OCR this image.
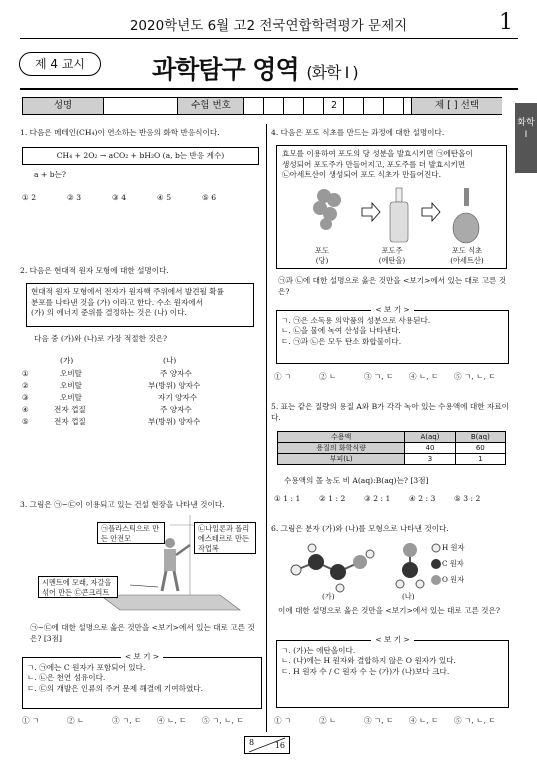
2020학년도 6월 고2 전국연합학력평가 문제지	1
제 4 교시	과학탐구 영역 (화학 I )
화학 I
성명	수험 번호	2	제 [ ] 선택
1. 다음은 메테인(CH₄)이 연소하는 반응의 화학 반응식이다.
CH₄ + 2O₂ → aCO₂ + bH₂O (a, b는 반응 계수)
a + b는?
① 2	② 3	③ 4	④ 5	⑤ 6
2. 다음은 현대적 원자 모형에 대한 설명이다.
현대적 원자 모형에서 전자가 원자핵 주위에서 발견될 확률
분포를 나타낸 것을 (가) 이라고 한다. 수소 원자에서
(가) 의 에너지 준위를 결정하는 것은 (나) 이다.
다음 중 (가)와 (나)로 가장 적절한 것은?
(가)	(나)
①	오비탈	주 양자수
②	오비탈	부(방위) 양자수
③	오비탈	자기 양자수
④	전자 껍질	주 양자수
⑤	전자 껍질	부(방위) 양자수
3. 그림은 ㉠~㉢이 이용되고 있는 건설 현장을 나타낸 것이다.
㉠플라스틱으로 만든 안전모
㉡나일론과 폴리에스테르로 만든 작업복
시멘트에 모래, 자갈을 섞어 만든 ㉢콘크리트
㉠~㉢에 대한 설명으로 옳은 것만을 <보기>에서 있는 대로 고른 것은? [3점]
< 보 기 >
ㄱ. ㉠에는 C 원자가 포함되어 있다.
ㄴ. ㉡은 천연 섬유이다.
ㄷ. ㉢의 개발은 인류의 주거 문제 해결에 기여하였다.
① ㄱ	② ㄴ	③ ㄱ, ㄷ ④ ㄴ, ㄷ ⑤ ㄱ, ㄴ, ㄷ
4. 다음은 포도 식초를 만드는 과정에 대한 설명이다.
효모를 이용하여 포도의 당 성분을 발효시키면 ㉠에탄올이
생성되어 포도주가 만들어지고, 포도주를 더 발효시키면
㉡아세트산이 생성되어 포도 식초가 만들어진다.
포도
(당)
포도주
(에탄올)
포도 식초
(아세트산)
㉠과 ㉡에 대한 설명으로 옳은 것만을 <보기>에서 있는 대로 고른 것은?
< 보 기 >
ㄱ. ㉠은 소독용 의약품의 성분으로 사용된다.
ㄴ. ㉡을 물에 녹여 산성을 나타낸다.
ㄷ. ㉠과 ㉡은 모두 탄소 화합물이다.
① ㄱ	② ㄴ	③ ㄱ, ㄷ ④ ㄴ, ㄷ ⑤ ㄱ, ㄴ, ㄷ
5. 표는 같은 질량의 용질 A와 B가 각각 녹아 있는 수용액에 대한 자료이다.
수용액	A(aq)	B(aq)
용질의 화학식량	40	60
부피(L)	3	1
수용액의 몰 농도 비 A(aq):B(aq)는? [3점]
① 1 : 1 ② 1 : 2 ③ 2 : 1 ④ 2 : 3 ⑤ 3 : 2
6. 그림은 분자 (가)와 (나)를 모형으로 나타낸 것이다.
H 원자
C 원자
O 원자
(가)	(나)
이에 대한 설명으로 옳은 것만을 <보기>에서 있는 대로 고른 것은?
< 보 기 >
ㄱ. (가)는 에탄올이다.
ㄴ. (나)에는 H 원자와 결합하지 않은 O 원자가 있다.
ㄷ. H 원자 수 / C 원자 수 는 (가)가 (나)보다 크다.
① ㄱ	② ㄴ	③ ㄱ, ㄷ ④ ㄴ, ㄷ ⑤ ㄱ, ㄴ, ㄷ
8	16
